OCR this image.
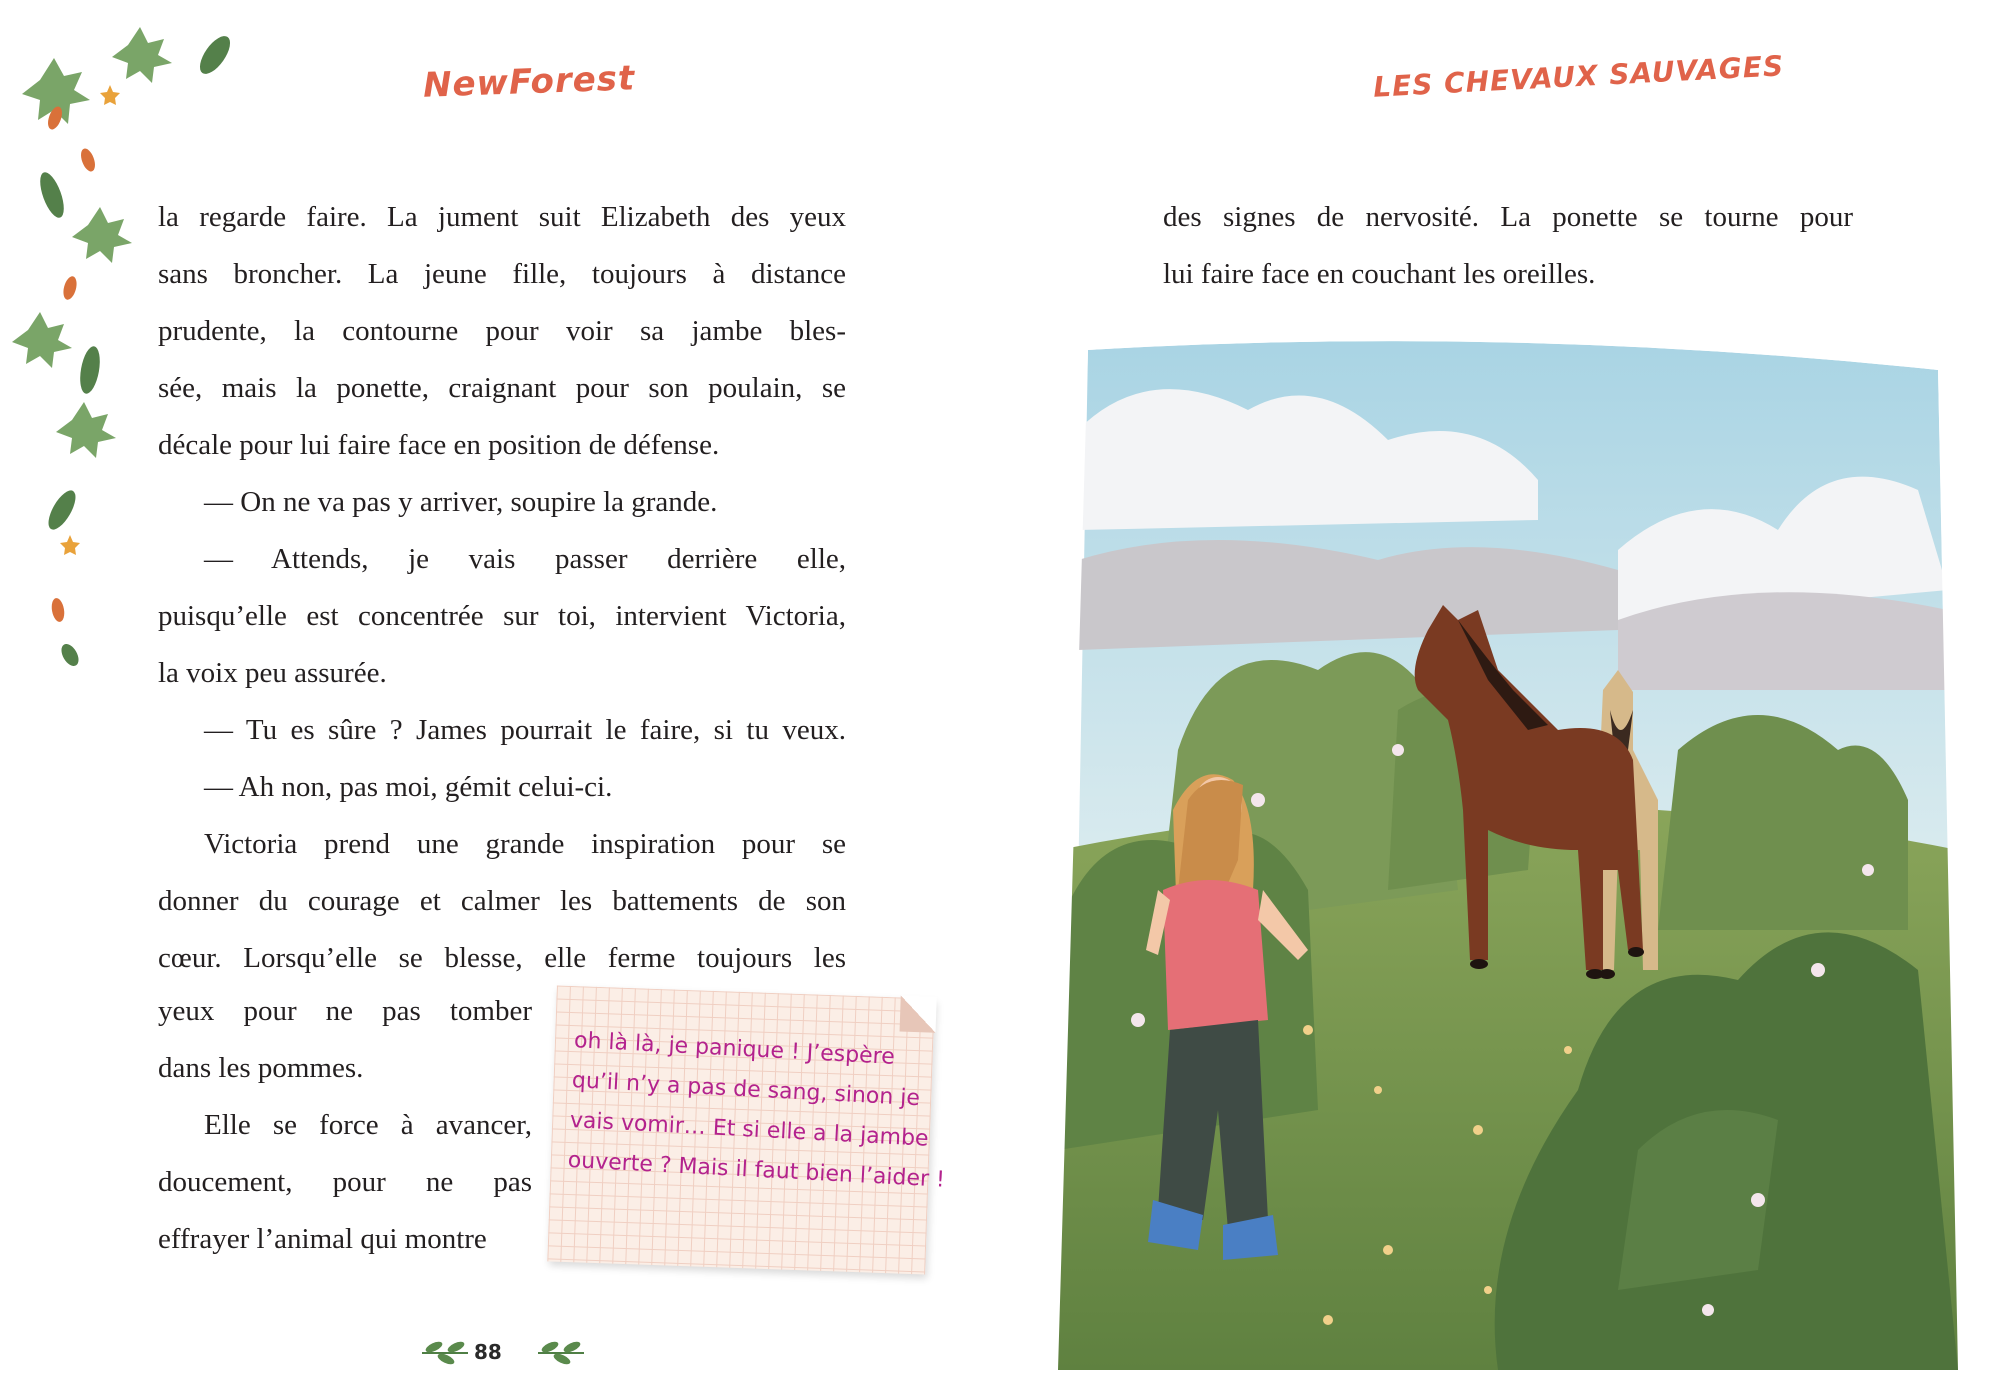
NewForest
la regarde faire. La jument suit Elizabeth des yeux
sans broncher. La jeune fille, toujours à distance
prudente, la contourne pour voir sa jambe bles-
sée, mais la ponette, craignant pour son poulain, se
décale pour lui faire face en position de défense.
— On ne va pas y arriver, soupire la grande.
— Attends, je vais passer derrière elle,
puisqu’elle est concentrée sur toi, intervient Victoria,
la voix peu assurée.
— Tu es sûre ? James pourrait le faire, si tu veux.
— Ah non, pas moi, gémit celui-ci.
Victoria prend une grande inspiration pour se
donner du courage et calmer les battements de son
cœur. Lorsqu’elle se blesse, elle ferme toujours les
yeux pour ne pas tomber
dans les pommes.
Elle se force à avancer,
doucement, pour ne pas
effrayer l’animal qui montre
oh là là, je panique ! J’espère
qu’il n’y a pas de sang, sinon je
vais vomir… Et si elle a la jambe
ouverte ? Mais il faut bien l’aider !
88
LES CHEVAUX SAUVAGES
des signes de nervosité. La ponette se tourne pour
lui faire face en couchant les oreilles.
